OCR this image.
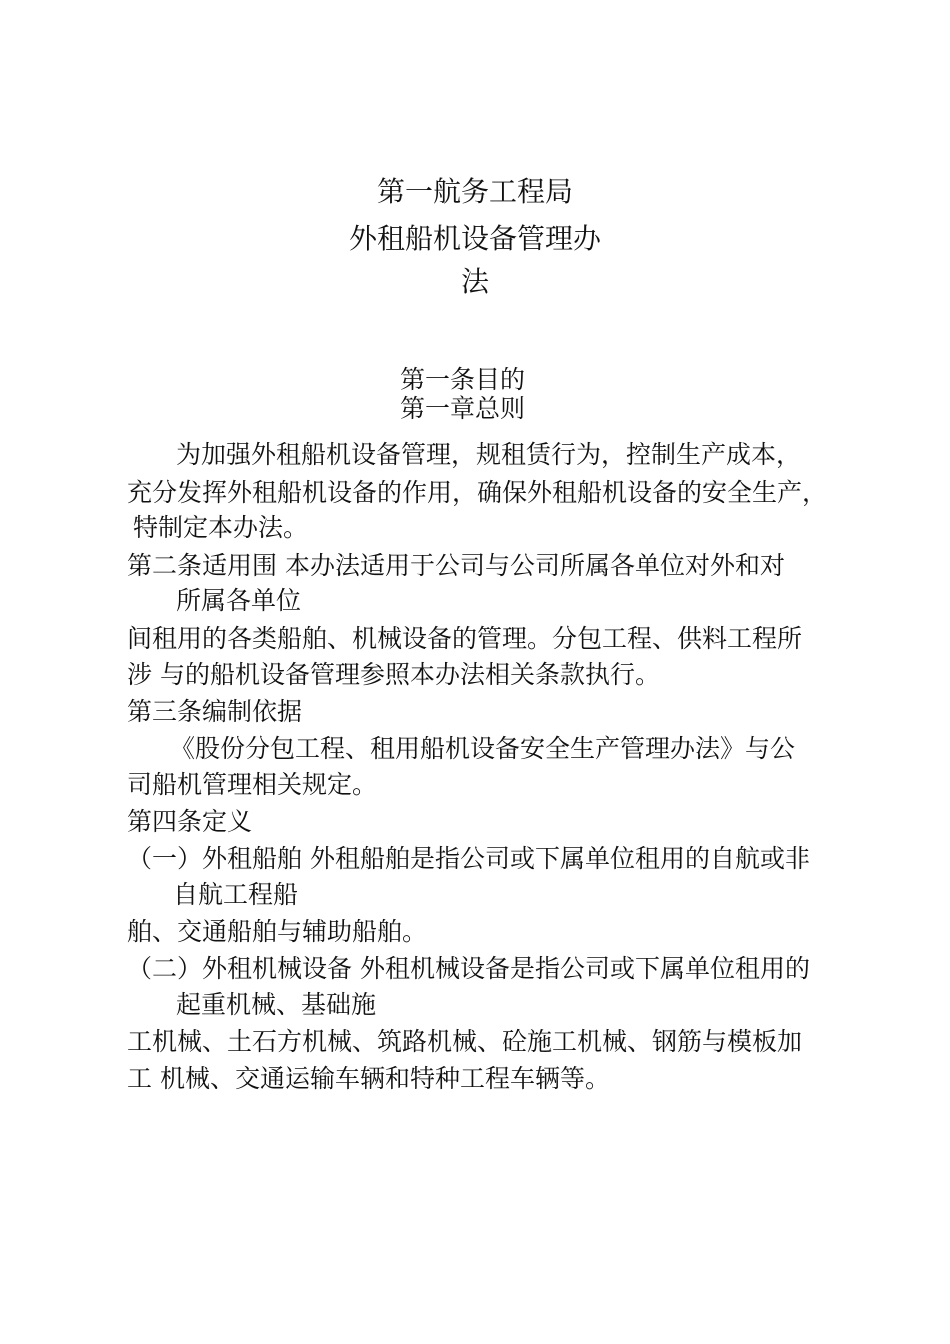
第一航务工程局
外租船机设备管理办
法
第一条目的
第一章总则
为加强外租船机设备管理，规租赁行为，控制生产成本，
充分发挥外租船机设备的作用，确保外租船机设备的安全生产，
特制定本办法。
第二条适用围 本办法适用于公司与公司所属各单位对外和对
所属各单位
间租用的各类船舶、机械设备的管理。分包工程、供料工程所
涉 与的船机设备管理参照本办法相关条款执行。
第三条编制依据
《股份分包工程、租用船机设备安全生产管理办法》与公
司船机管理相关规定。
第四条定义
（一）外租船舶 外租船舶是指公司或下属单位租用的自航或非
自航工程船
舶、交通船舶与辅助船舶。
（二）外租机械设备 外租机械设备是指公司或下属单位租用的
起重机械、基础施
工机械、土石方机械、筑路机械、砼施工机械、钢筋与模板加
工 机械、交通运输车辆和特种工程车辆等。
